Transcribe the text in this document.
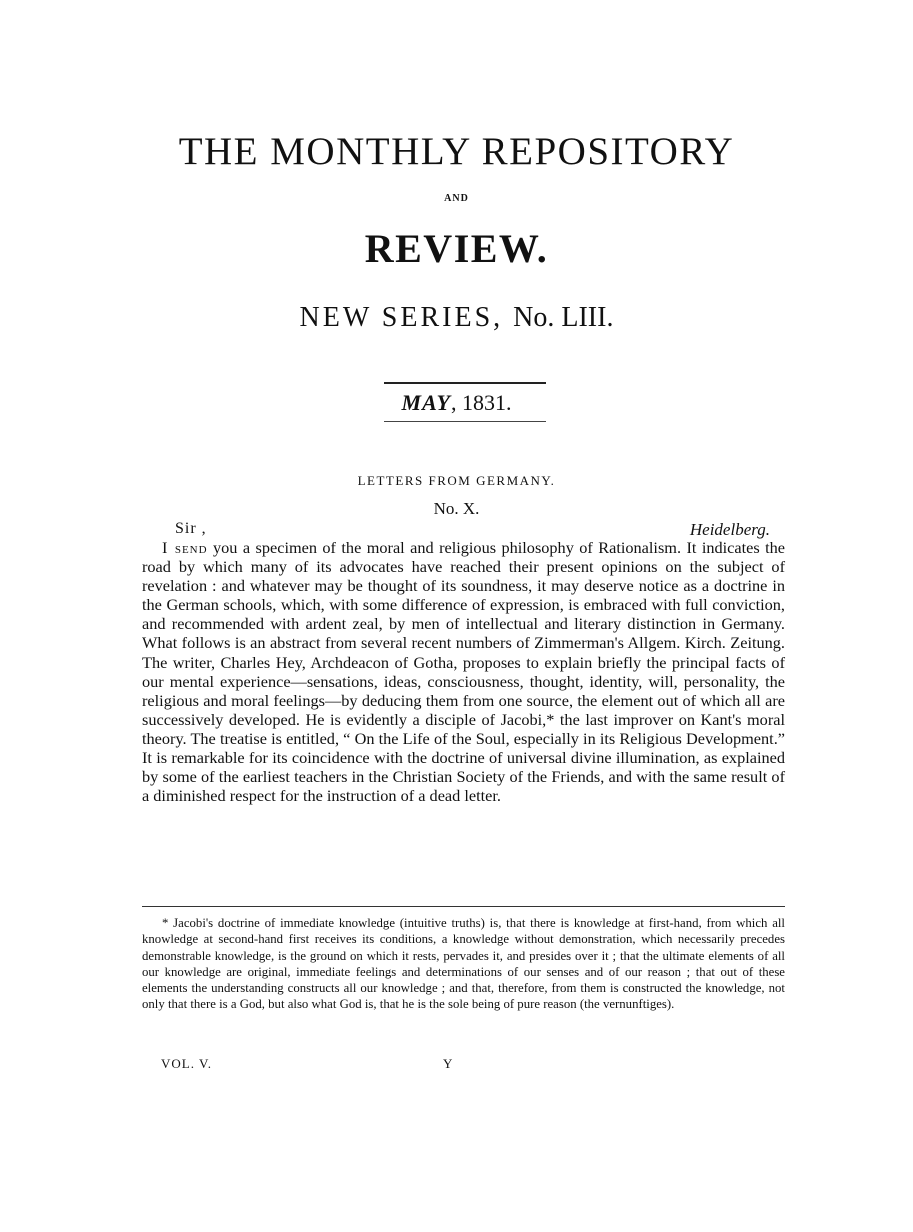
THE MONTHLY REPOSITORY
AND
REVIEW.
NEW SERIES, No. LIII.
MAY, 1831.
LETTERS FROM GERMANY.
No. X.
Sir ,	Heidelberg.

I send you a specimen of the moral and religious philosophy of Rationalism. It indicates the road by which many of its advocates have reached their present opinions on the subject of revelation : and whatever may be thought of its soundness, it may deserve notice as a doctrine in the German schools, which, with some difference of expression, is embraced with full conviction, and recommended with ardent zeal, by men of intellectual and literary distinction in Germany. What follows is an abstract from several recent numbers of Zimmerman's Allgem. Kirch. Zeitung. The writer, Charles Hey, Archdeacon of Gotha, proposes to explain briefly the principal facts of our mental experience—sensations, ideas, consciousness, thought, identity, will, personality, the religious and moral feelings—by deducing them from one source, the element out of which all are successively developed. He is evidently a disciple of Jacobi,* the last improver on Kant's moral theory. The treatise is entitled, “ On the Life of the Soul, especially in its Religious Development.” It is remarkable for its coincidence with the doctrine of universal divine illumination, as explained by some of the earliest teachers in the Christian Society of the Friends, and with the same result of a diminished respect for the instruction of a dead letter.

* Jacobi's doctrine of immediate knowledge (intuitive truths) is, that there is knowledge at first-hand, from which all knowledge at second-hand first receives its conditions, a knowledge without demonstration, which necessarily precedes demonstrable knowledge, is the ground on which it rests, pervades it, and presides over it ; that the ultimate elements of all our knowledge are original, immediate feelings and determinations of our senses and of our reason ; that out of these elements the understanding constructs all our knowledge ; and that, therefore, from them is constructed the knowledge, not only that there is a God, but also what God is, that he is the sole being of pure reason (the vernunftiges).

VOL. V.	Y
